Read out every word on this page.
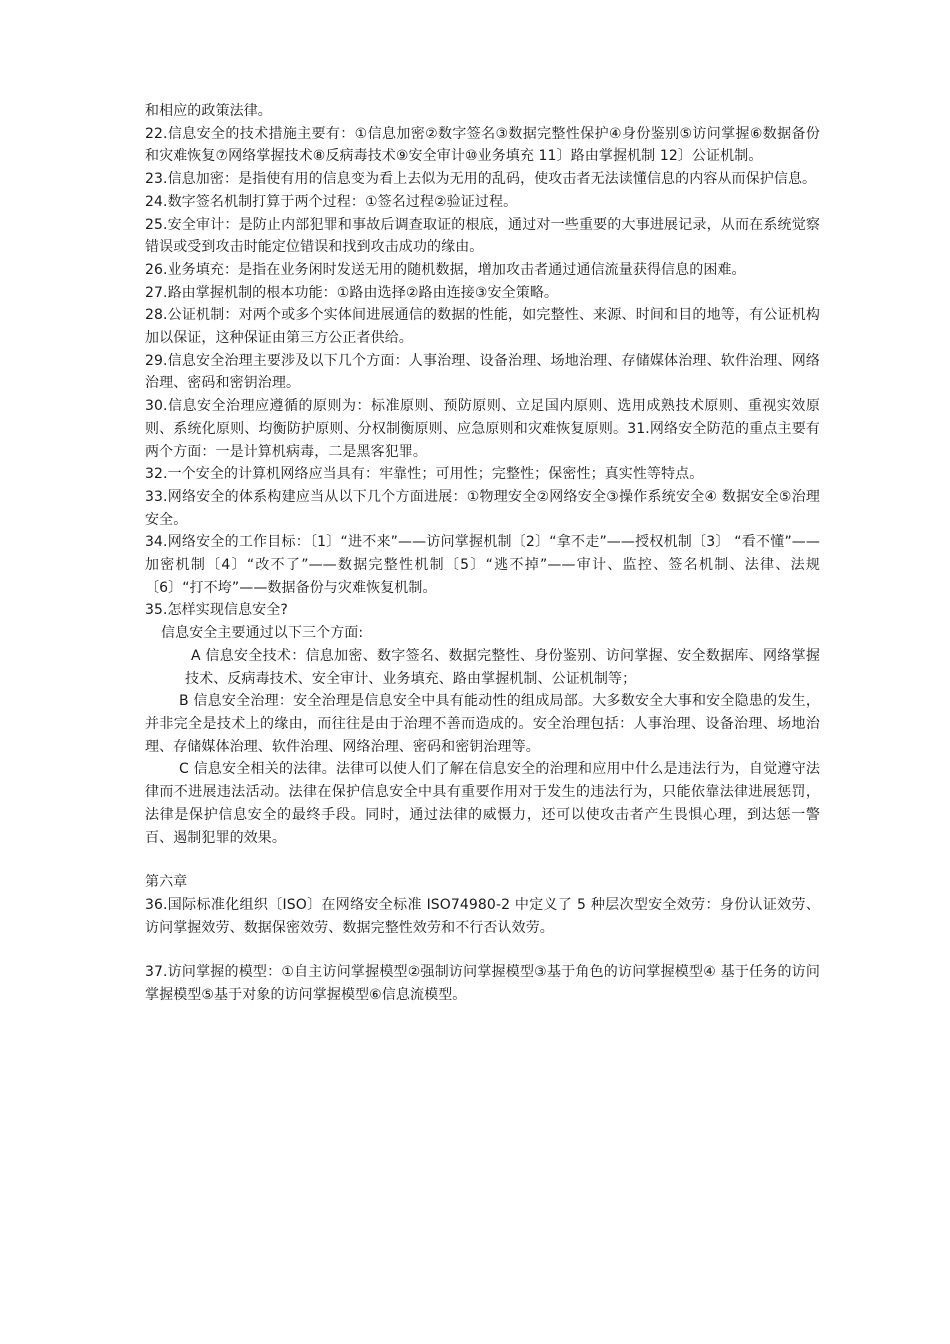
和相应的政策法律。

22.信息安全的技术措施主要有：①信息加密②数字签名③数据完整性保护④身份鉴别⑤访问掌握⑥数据备份和灾难恢复⑦网络掌握技术⑧反病毒技术⑨安全审计⑩业务填充 11〕路由掌握机制 12〕公证机制。

23.信息加密：是指使有用的信息变为看上去似为无用的乱码，使攻击者无法读懂信息的内容从而保护信息。

24.数字签名机制打算于两个过程：①签名过程②验证过程。

25.安全审计：是防止内部犯罪和事故后调查取证的根底，通过对一些重要的大事进展记录，从而在系统觉察错误或受到攻击时能定位错误和找到攻击成功的缘由。

26.业务填充：是指在业务闲时发送无用的随机数据，增加攻击者通过通信流量获得信息的困难。

27.路由掌握机制的根本功能：①路由选择②路由连接③安全策略。

28.公证机制：对两个或多个实体间进展通信的数据的性能，如完整性、来源、时间和目的地等，有公证机构加以保证，这种保证由第三方公正者供给。

29.信息安全治理主要涉及以下几个方面：人事治理、设备治理、场地治理、存储媒体治理、软件治理、网络治理、密码和密钥治理。

30.信息安全治理应遵循的原则为：标准原则、预防原则、立足国内原则、选用成熟技术原则、重视实效原则、系统化原则、均衡防护原则、分权制衡原则、应急原则和灾难恢复原则。31.网络安全防范的重点主要有两个方面：一是计算机病毒，二是黑客犯罪。

32.一个安全的计算机网络应当具有：牢靠性；可用性；完整性；保密性；真实性等特点。

33.网络安全的体系构建应当从以下几个方面进展：①物理安全②网络安全③操作系统安全④ 数据安全⑤治理安全。

34.网络安全的工作目标：〔1〕“进不来”——访问掌握机制〔2〕“拿不走”——授权机制〔3〕 “看不懂”——加密机制〔4〕“改不了”——数据完整性机制〔5〕“逃不掉”——审计、监控、签名机制、法律、法规〔6〕“打不垮”——数据备份与灾难恢复机制。

35.怎样实现信息安全?

信息安全主要通过以下三个方面:

A 信息安全技术：信息加密、数字签名、数据完整性、身份鉴别、访问掌握、安全数据库、网络掌握技术、反病毒技术、安全审计、业务填充、路由掌握机制、公证机制等；

B 信息安全治理：安全治理是信息安全中具有能动性的组成局部。大多数安全大事和安全隐患的发生，并非完全是技术上的缘由，而往往是由于治理不善而造成的。安全治理包括：人事治理、设备治理、场地治理、存储媒体治理、软件治理、网络治理、密码和密钥治理等。

C 信息安全相关的法律。法律可以使人们了解在信息安全的治理和应用中什么是违法行为，自觉遵守法律而不进展违法活动。法律在保护信息安全中具有重要作用对于发生的违法行为，只能依靠法律进展惩罚，法律是保护信息安全的最终手段。同时，通过法律的威慑力，还可以使攻击者产生畏惧心理，到达惩一警百、遏制犯罪的效果。

第六章

36.国际标准化组织〔ISO〕在网络安全标准 ISO74980-2 中定义了 5 种层次型安全效劳：身份认证效劳、访问掌握效劳、数据保密效劳、数据完整性效劳和不行否认效劳。

37.访问掌握的模型：①自主访问掌握模型②强制访问掌握模型③基于角色的访问掌握模型④ 基于任务的访问掌握模型⑤基于对象的访问掌握模型⑥信息流模型。
